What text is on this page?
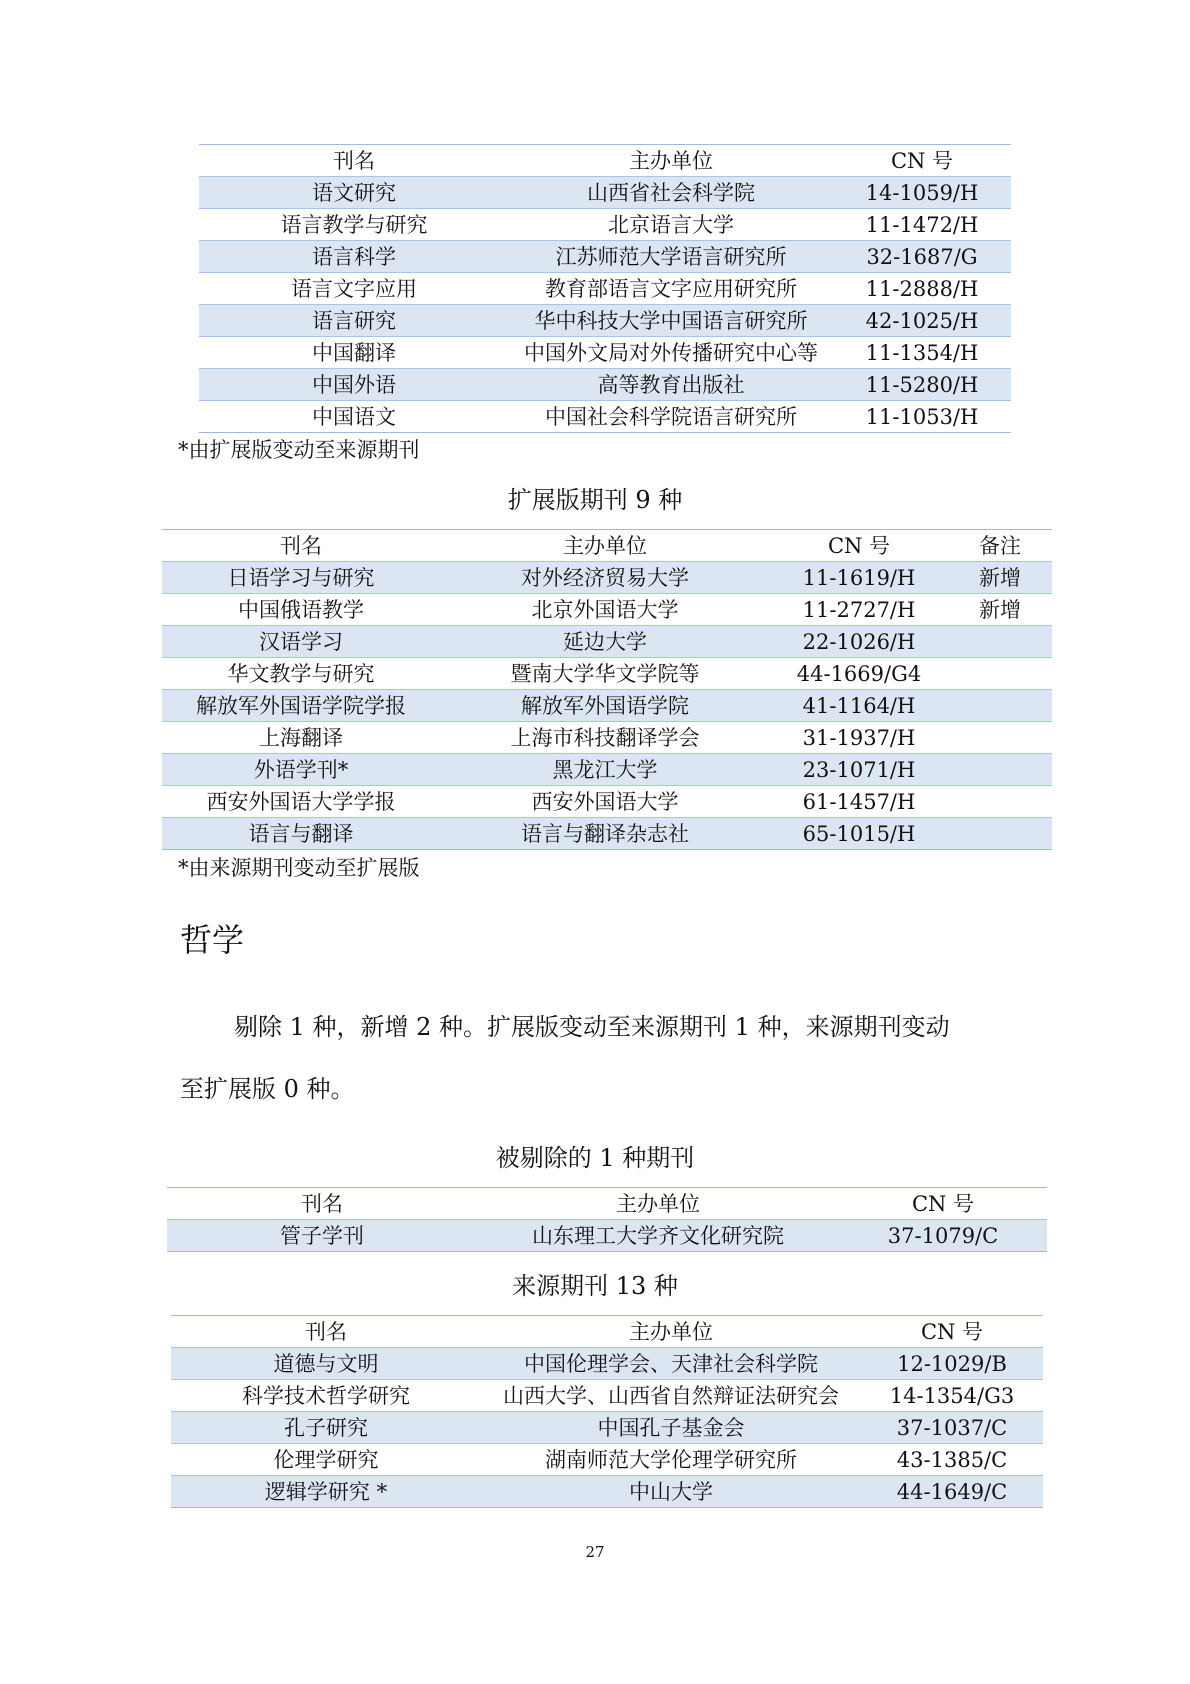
刊名	主办单位	CN 号
语文研究	山西省社会科学院	14-1059/H
语言教学与研究	北京语言大学	11-1472/H
语言科学	江苏师范大学语言研究所	32-1687/G
语言文字应用	教育部语言文字应用研究所	11-2888/H
语言研究	华中科技大学中国语言研究所	42-1025/H
中国翻译	中国外文局对外传播研究中心等	11-1354/H
中国外语	高等教育出版社	11-5280/H
中国语文	中国社会科学院语言研究所	11-1053/H
*由扩展版变动至来源期刊
扩展版期刊 9 种
刊名	主办单位	CN 号	备注
日语学习与研究	对外经济贸易大学	11-1619/H	新增
中国俄语教学	北京外国语大学	11-2727/H	新增
汉语学习	延边大学	22-1026/H	
华文教学与研究	暨南大学华文学院等	44-1669/G4	
解放军外国语学院学报	解放军外国语学院	41-1164/H	
上海翻译	上海市科技翻译学会	31-1937/H	
外语学刊*	黑龙江大学	23-1071/H	
西安外国语大学学报	西安外国语大学	61-1457/H	
语言与翻译	语言与翻译杂志社	65-1015/H	
*由来源期刊变动至扩展版
哲学
剔除 1 种，新增 2 种。扩展版变动至来源期刊 1 种，来源期刊变动
至扩展版 0 种。
被剔除的 1 种期刊
刊名	主办单位	CN 号
管子学刊	山东理工大学齐文化研究院	37-1079/C
来源期刊 13 种
刊名	主办单位	CN 号
道德与文明	中国伦理学会、天津社会科学院	12-1029/B
科学技术哲学研究	山西大学、山西省自然辩证法研究会	14-1354/G3
孔子研究	中国孔子基金会	37-1037/C
伦理学研究	湖南师范大学伦理学研究所	43-1385/C
逻辑学研究 *	中山大学	44-1649/C
27
